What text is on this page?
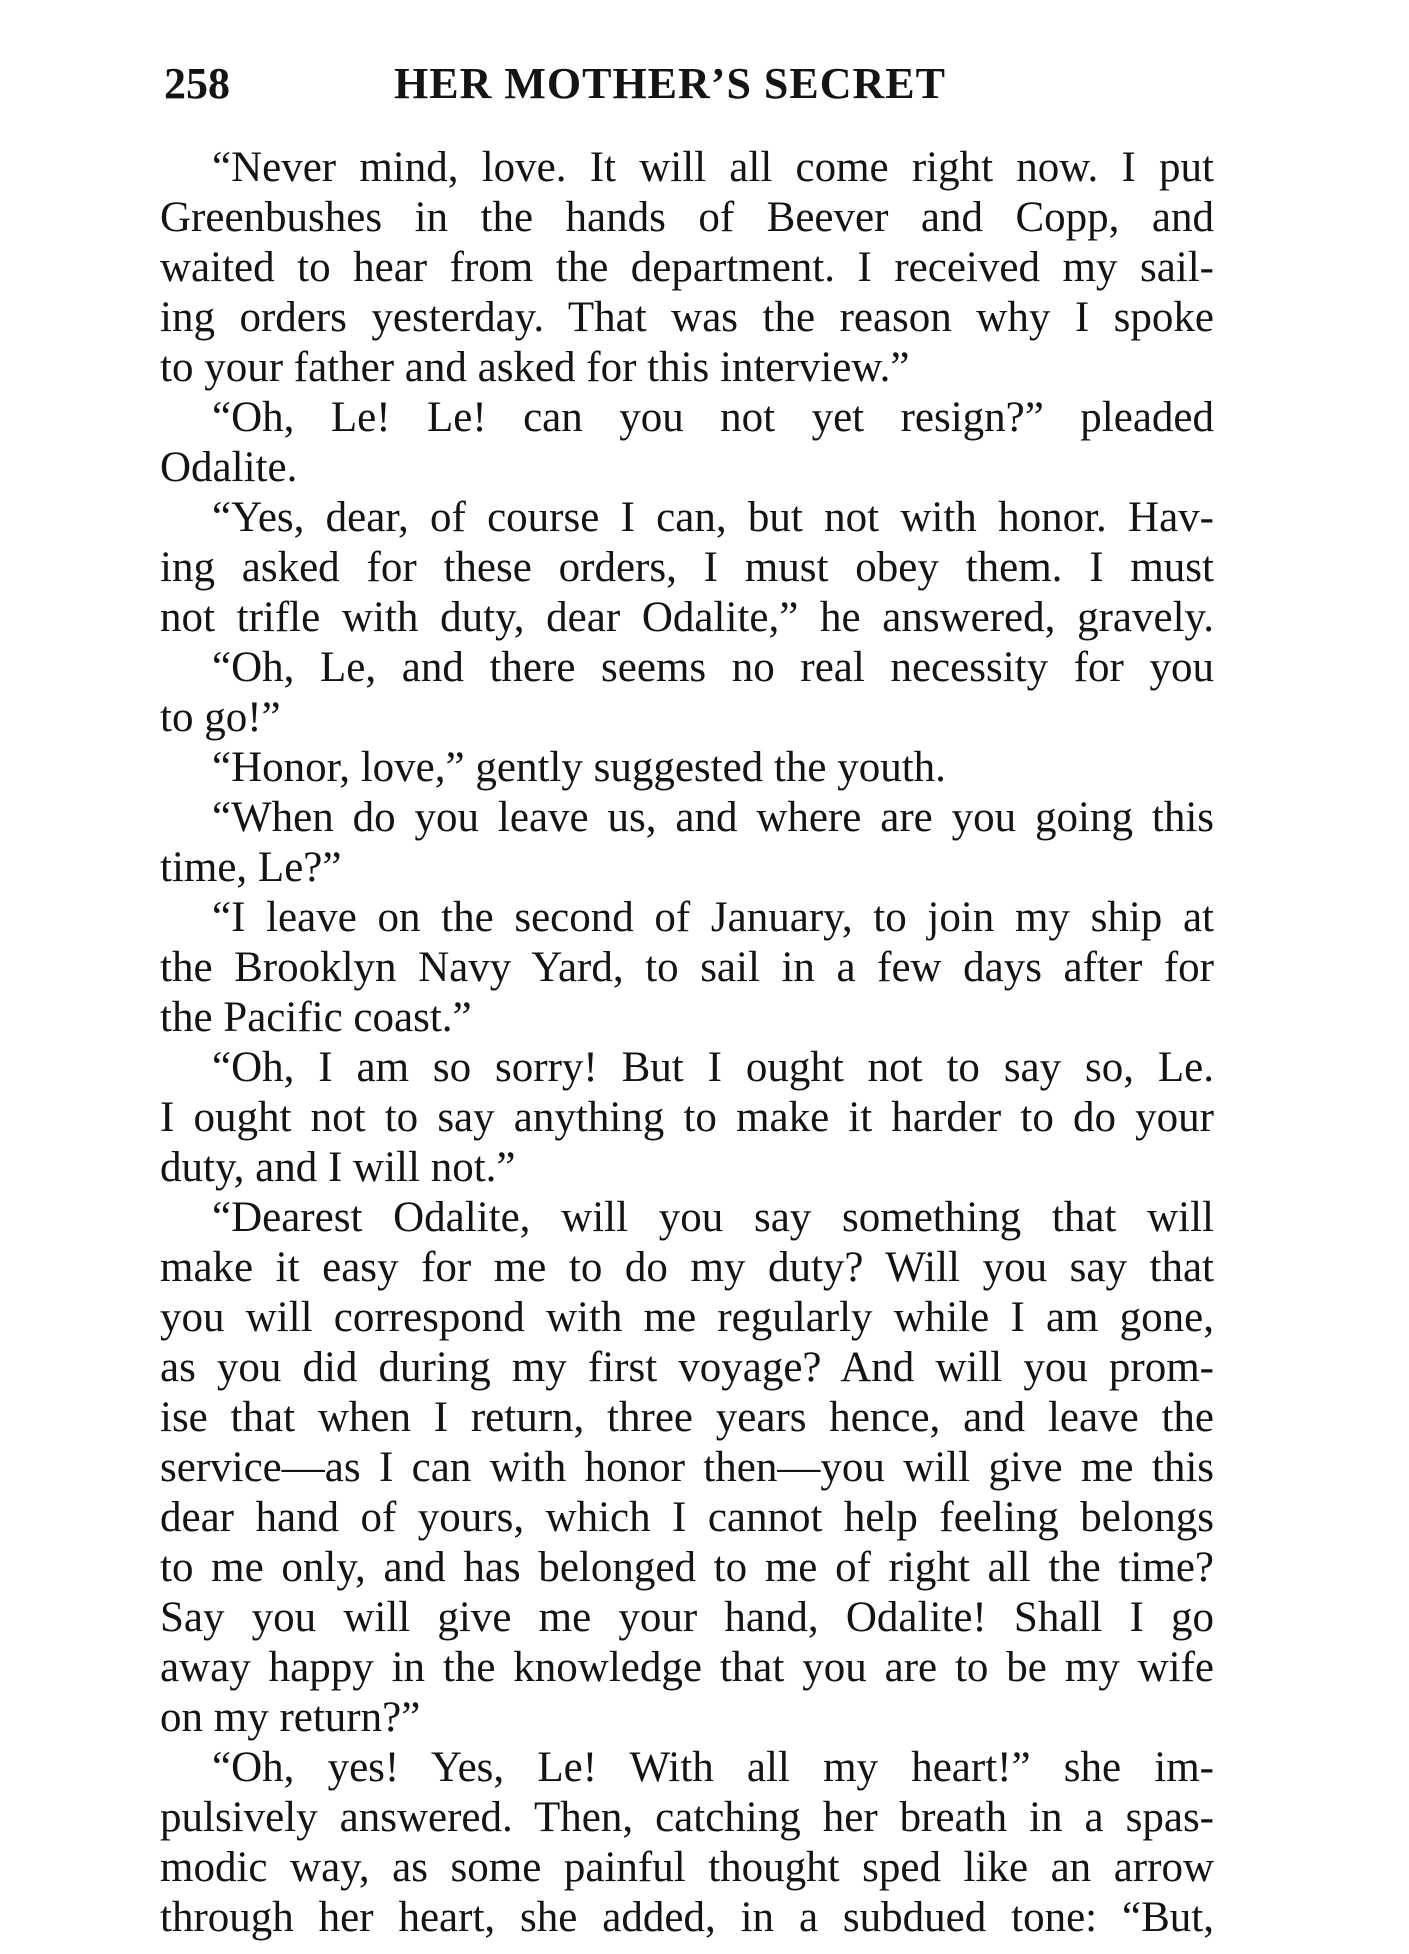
258	HER MOTHER’S SECRET
“Never mind, love. It will all come right now. I put
Greenbushes in the hands of Beever and Copp, and
waited to hear from the department. I received my sail-
ing orders yesterday. That was the reason why I spoke
to your father and asked for this interview.”
“Oh, Le! Le! can you not yet resign?” pleaded
Odalite.
“Yes, dear, of course I can, but not with honor. Hav-
ing asked for these orders, I must obey them. I must
not trifle with duty, dear Odalite,” he answered, gravely.
“Oh, Le, and there seems no real necessity for you
to go!”
“Honor, love,” gently suggested the youth.
“When do you leave us, and where are you going this
time, Le?”
“I leave on the second of January, to join my ship at
the Brooklyn Navy Yard, to sail in a few days after for
the Pacific coast.”
“Oh, I am so sorry! But I ought not to say so, Le.
I ought not to say anything to make it harder to do your
duty, and I will not.”
“Dearest Odalite, will you say something that will
make it easy for me to do my duty? Will you say that
you will correspond with me regularly while I am gone,
as you did during my first voyage? And will you prom-
ise that when I return, three years hence, and leave the
service—as I can with honor then—you will give me this
dear hand of yours, which I cannot help feeling belongs
to me only, and has belonged to me of right all the time?
Say you will give me your hand, Odalite! Shall I go
away happy in the knowledge that you are to be my wife
on my return?”
“Oh, yes! Yes, Le! With all my heart!” she im-
pulsively answered. Then, catching her breath in a spas-
modic way, as some painful thought sped like an arrow
through her heart, she added, in a subdued tone: “But,
